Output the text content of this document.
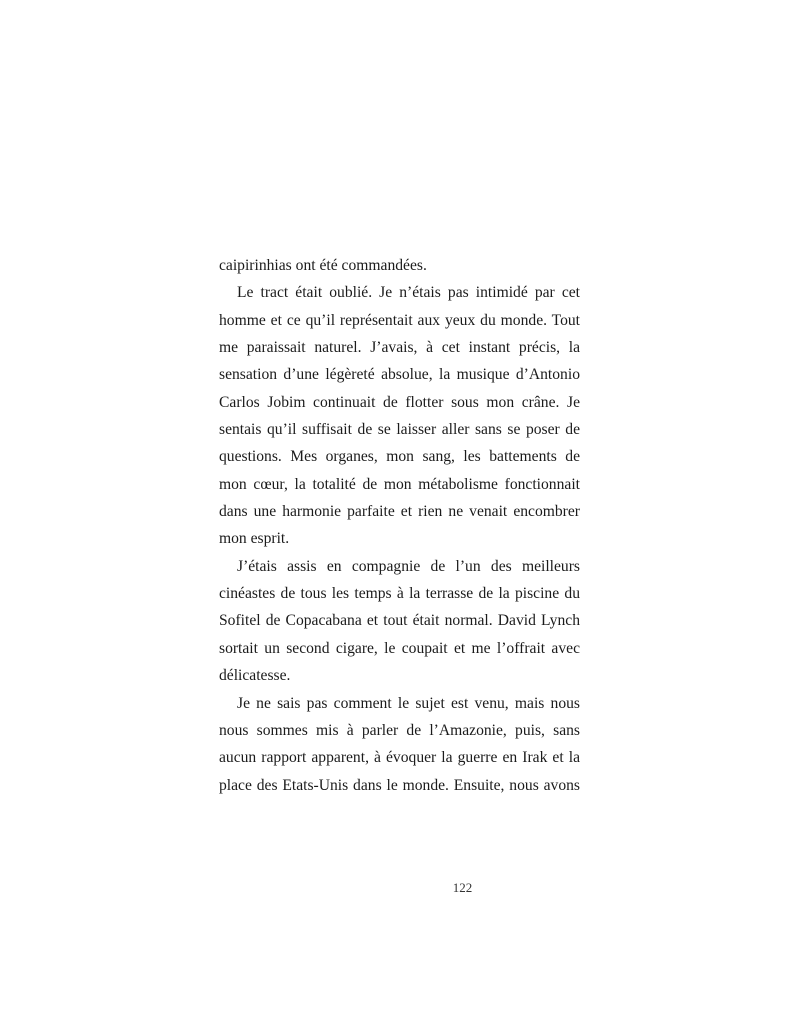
caipirinhias ont été commandées.
Le tract était oublié. Je n’étais pas intimidé par cet
homme et ce qu’il représentait aux yeux du monde. Tout
me paraissait naturel. J’avais, à cet instant précis, la
sensation d’une légèreté absolue, la musique d’Antonio
Carlos Jobim continuait de flotter sous mon crâne. Je
sentais qu’il suffisait de se laisser aller sans se poser de
questions. Mes organes, mon sang, les battements de
mon cœur, la totalité de mon métabolisme fonctionnait
dans une harmonie parfaite et rien ne venait encombrer
mon esprit.
J’étais assis en compagnie de l’un des meilleurs
cinéastes de tous les temps à la terrasse de la piscine du
Sofitel de Copacabana et tout était normal. David Lynch
sortait un second cigare, le coupait et me l’offrait avec
délicatesse.
Je ne sais pas comment le sujet est venu, mais nous
nous sommes mis à parler de l’Amazonie, puis, sans
aucun rapport apparent, à évoquer la guerre en Irak et la
place des Etats-Unis dans le monde. Ensuite, nous avons
122
